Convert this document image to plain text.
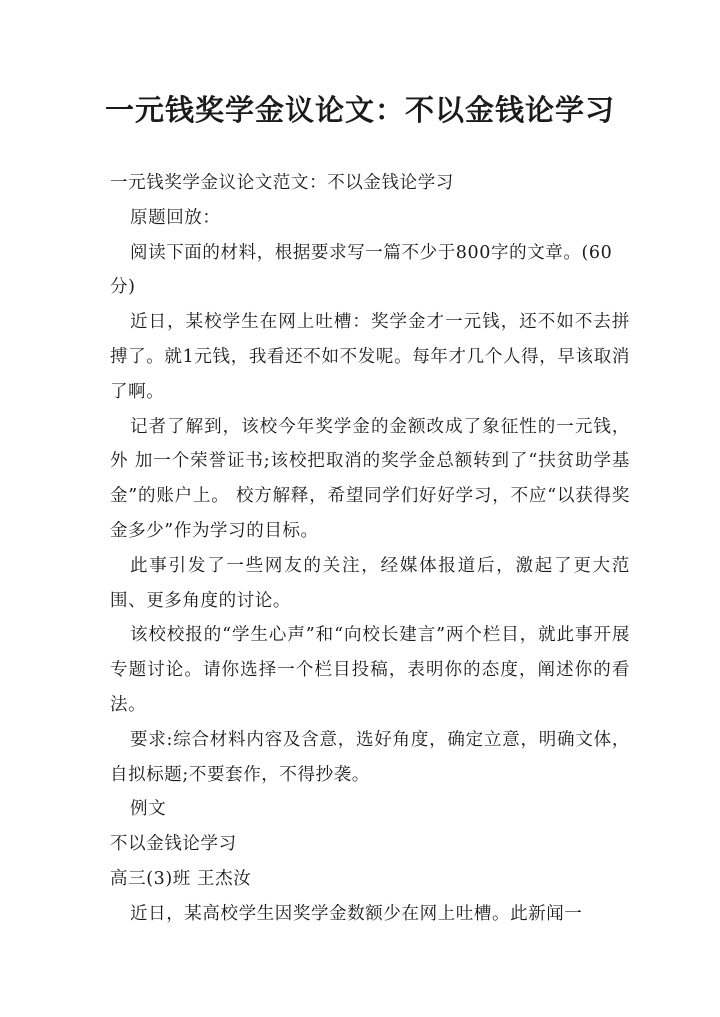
一元钱奖学金议论文：不以金钱论学习

一元钱奖学金议论文范文：不以金钱论学习

原题回放：

阅读下面的材料，根据要求写一篇不少于800字的文章。(60分)

近日，某校学生在网上吐槽：奖学金才一元钱，还不如不去拼搏了。就1元钱，我看还不如不发呢。每年才几个人得，早该取消了啊。

记者了解到，该校今年奖学金的金额改成了象征性的一元钱，外 加一个荣誉证书;该校把取消的奖学金总额转到了“扶贫助学基金”的账户上。 校方解释，希望同学们好好学习，不应“以获得奖金多少”作为学习的目标。

此事引发了一些网友的关注，经媒体报道后，激起了更大范围、更多角度的讨论。

该校校报的“学生心声”和“向校长建言”两个栏目，就此事开展专题讨论。请你选择一个栏目投稿，表明你的态度，阐述你的看法。

要求:综合材料内容及含意，选好角度，确定立意，明确文体，自拟标题;不要套作，不得抄袭。

例文

不以金钱论学习

高三(3)班 王杰汝

近日，某高校学生因奖学金数额少在网上吐槽。此新闻一
